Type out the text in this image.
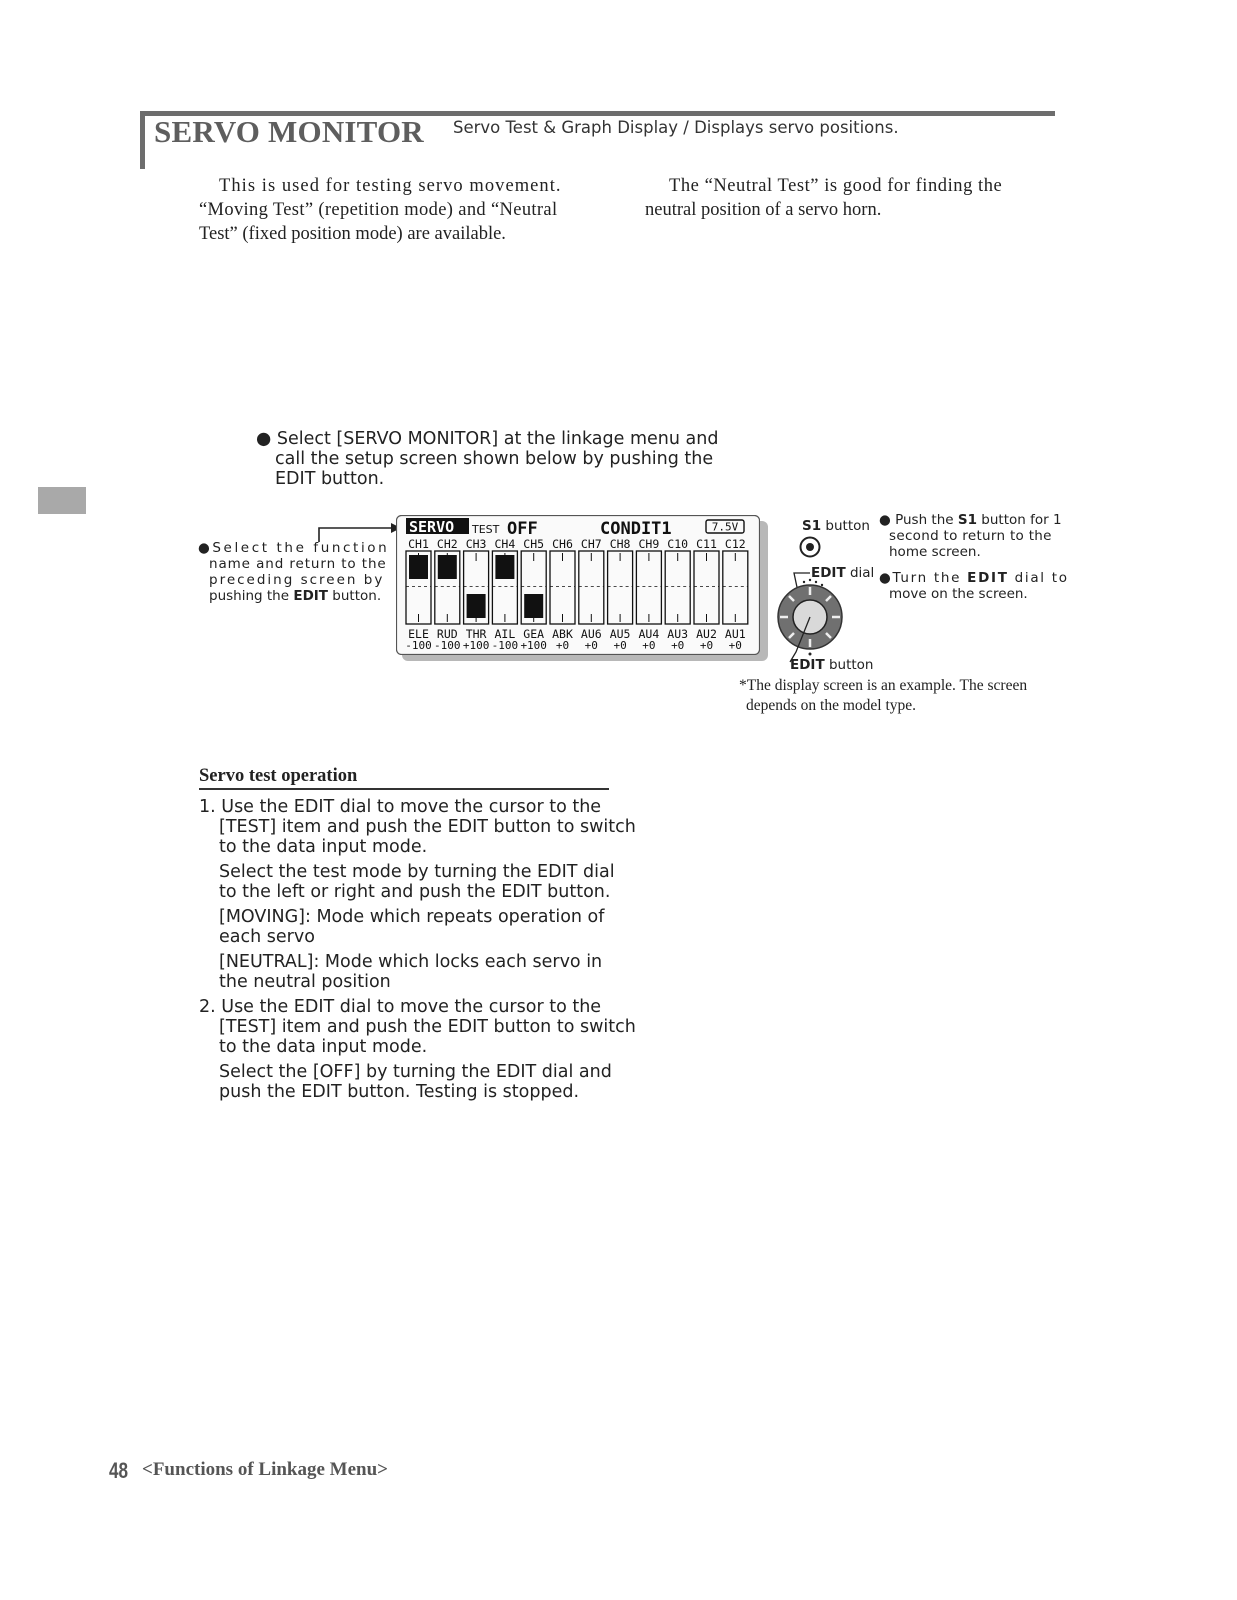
SERVO MONITOR Servo Test & Graph Display / Displays servo positions.
This is used for testing servo movement.
“Moving Test” (repetition mode) and “Neutral
Test” (fixed position mode) are available.
The “Neutral Test” is good for finding the
neutral position of a servo horn.
● Select [SERVO MONITOR] at the linkage menu and
call the setup screen shown below by pushing the
EDIT button.
●Select the function
name and return to the
preceding screen by
pushing the EDIT button.
SERVO TEST OFF	CONDIT1	7.5V
CH1
ELE
-100
CH2
RUD
-100
CH3
THR
+100
CH4
AIL
-100
CH5
GEA
+100
CH6
ABK
+0
CH7
AU6
+0
CH8
AU5
+0
CH9
AU4
+0
C10
AU3
+0
C11
AU2
+0
C12
AU1
+0
S1 button
EDIT dial
EDIT button
● Push the S1 button for 1
second to return to the
home screen.
●Turn the EDIT dial to
move on the screen.
*The display screen is an example. The screen
depends on the model type.
Servo test operation
1. Use the EDIT dial to move the cursor to the
[TEST] item and push the EDIT button to switch
to the data input mode.
Select the test mode by turning the EDIT dial
to the left or right and push the EDIT button.
[MOVING]: Mode which repeats operation of
each servo
[NEUTRAL]: Mode which locks each servo in
the neutral position
2. Use the EDIT dial to move the cursor to the
[TEST] item and push the EDIT button to switch
to the data input mode.
Select the [OFF] by turning the EDIT dial and
push the EDIT button. Testing is stopped.
48 <Functions of Linkage Menu>
